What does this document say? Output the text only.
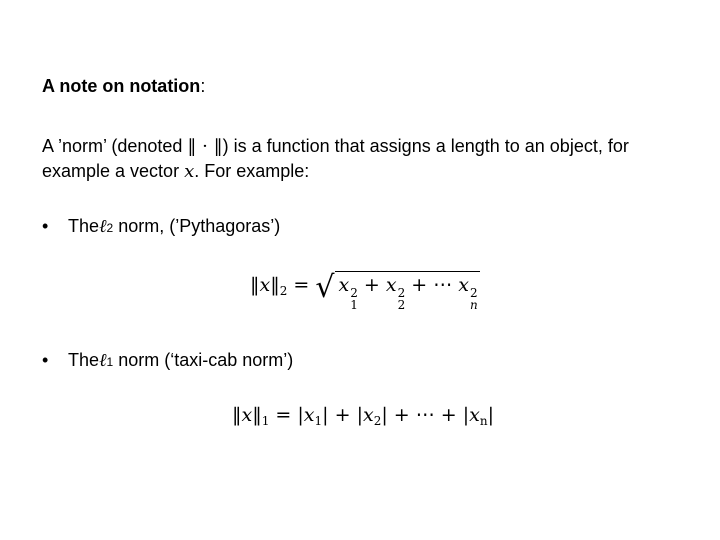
A note on notation:
A ’norm’ (denoted ‖ · ‖) is a function that assigns a length to an object, for example a vector x. For example:
•	The ℓ 2 norm, (’Pythagoras’)
$‖x‖_2$ = √ x 2
1
+ x 2
2
+ ⋯ x 2
n
•	The ℓ 1 norm (‘taxi-cab norm’)
$‖x‖_1 = |x_1| + |x_2|$ + ⋯ + $|x_n|$
